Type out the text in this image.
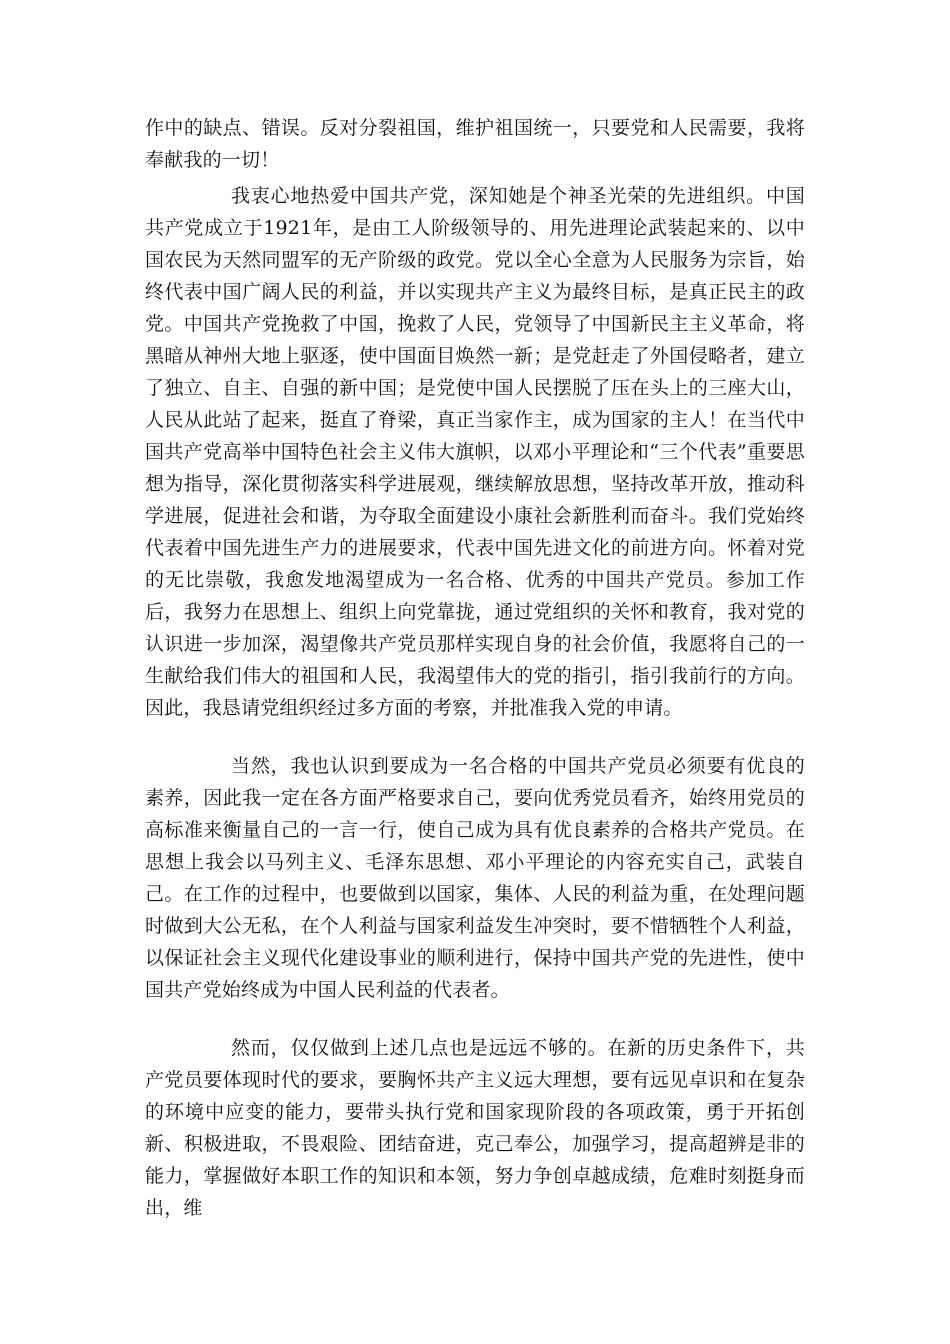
作中的缺点、错误。反对分裂祖国，维护祖国统一，只要党和人民需要，我将奉献我的一切！

我衷心地热爱中国共产党，深知她是个神圣光荣的先进组织。中国共产党成立于1921年，是由工人阶级领导的、用先进理论武装起来的、以中国农民为天然同盟军的无产阶级的政党。党以全心全意为人民服务为宗旨，始终代表中国广阔人民的利益，并以实现共产主义为最终目标，是真正民主的政党。中国共产党挽救了中国，挽救了人民，党领导了中国新民主主义革命，将黑暗从神州大地上驱逐，使中国面目焕然一新；是党赶走了外国侵略者，建立了独立、自主、自强的新中国；是党使中国人民摆脱了压在头上的三座大山，人民从此站了起来，挺直了脊梁，真正当家作主，成为国家的主人！在当代中国共产党高举中国特色社会主义伟大旗帜，以邓小平理论和“三个代表”重要思想为指导，深化贯彻落实科学进展观，继续解放思想，坚持改革开放，推动科学进展，促进社会和谐，为夺取全面建设小康社会新胜利而奋斗。我们党始终代表着中国先进生产力的进展要求，代表中国先进文化的前进方向。怀着对党的无比崇敬，我愈发地渴望成为一名合格、优秀的中国共产党员。参加工作后，我努力在思想上、组织上向党靠拢，通过党组织的关怀和教育，我对党的认识进一步加深，渴望像共产党员那样实现自身的社会价值，我愿将自己的一生献给我们伟大的祖国和人民，我渴望伟大的党的指引，指引我前行的方向。因此，我恳请党组织经过多方面的考察，并批准我入党的申请。

当然，我也认识到要成为一名合格的中国共产党员必须要有优良的素养，因此我一定在各方面严格要求自己，要向优秀党员看齐，始终用党员的高标准来衡量自己的一言一行，使自己成为具有优良素养的合格共产党员。在思想上我会以马列主义、毛泽东思想、邓小平理论的内容充实自己，武装自己。在工作的过程中，也要做到以国家，集体、人民的利益为重，在处理问题时做到大公无私，在个人利益与国家利益发生冲突时，要不惜牺牲个人利益，以保证社会主义现代化建设事业的顺利进行，保持中国共产党的先进性，使中国共产党始终成为中国人民利益的代表者。

然而，仅仅做到上述几点也是远远不够的。在新的历史条件下，共产党员要体现时代的要求，要胸怀共产主义远大理想，要有远见卓识和在复杂的环境中应变的能力，要带头执行党和国家现阶段的各项政策，勇于开拓创新、积极进取，不畏艰险、团结奋进，克己奉公，加强学习，提高超辨是非的能力，掌握做好本职工作的知识和本领，努力争创卓越成绩，危难时刻挺身而出，维
